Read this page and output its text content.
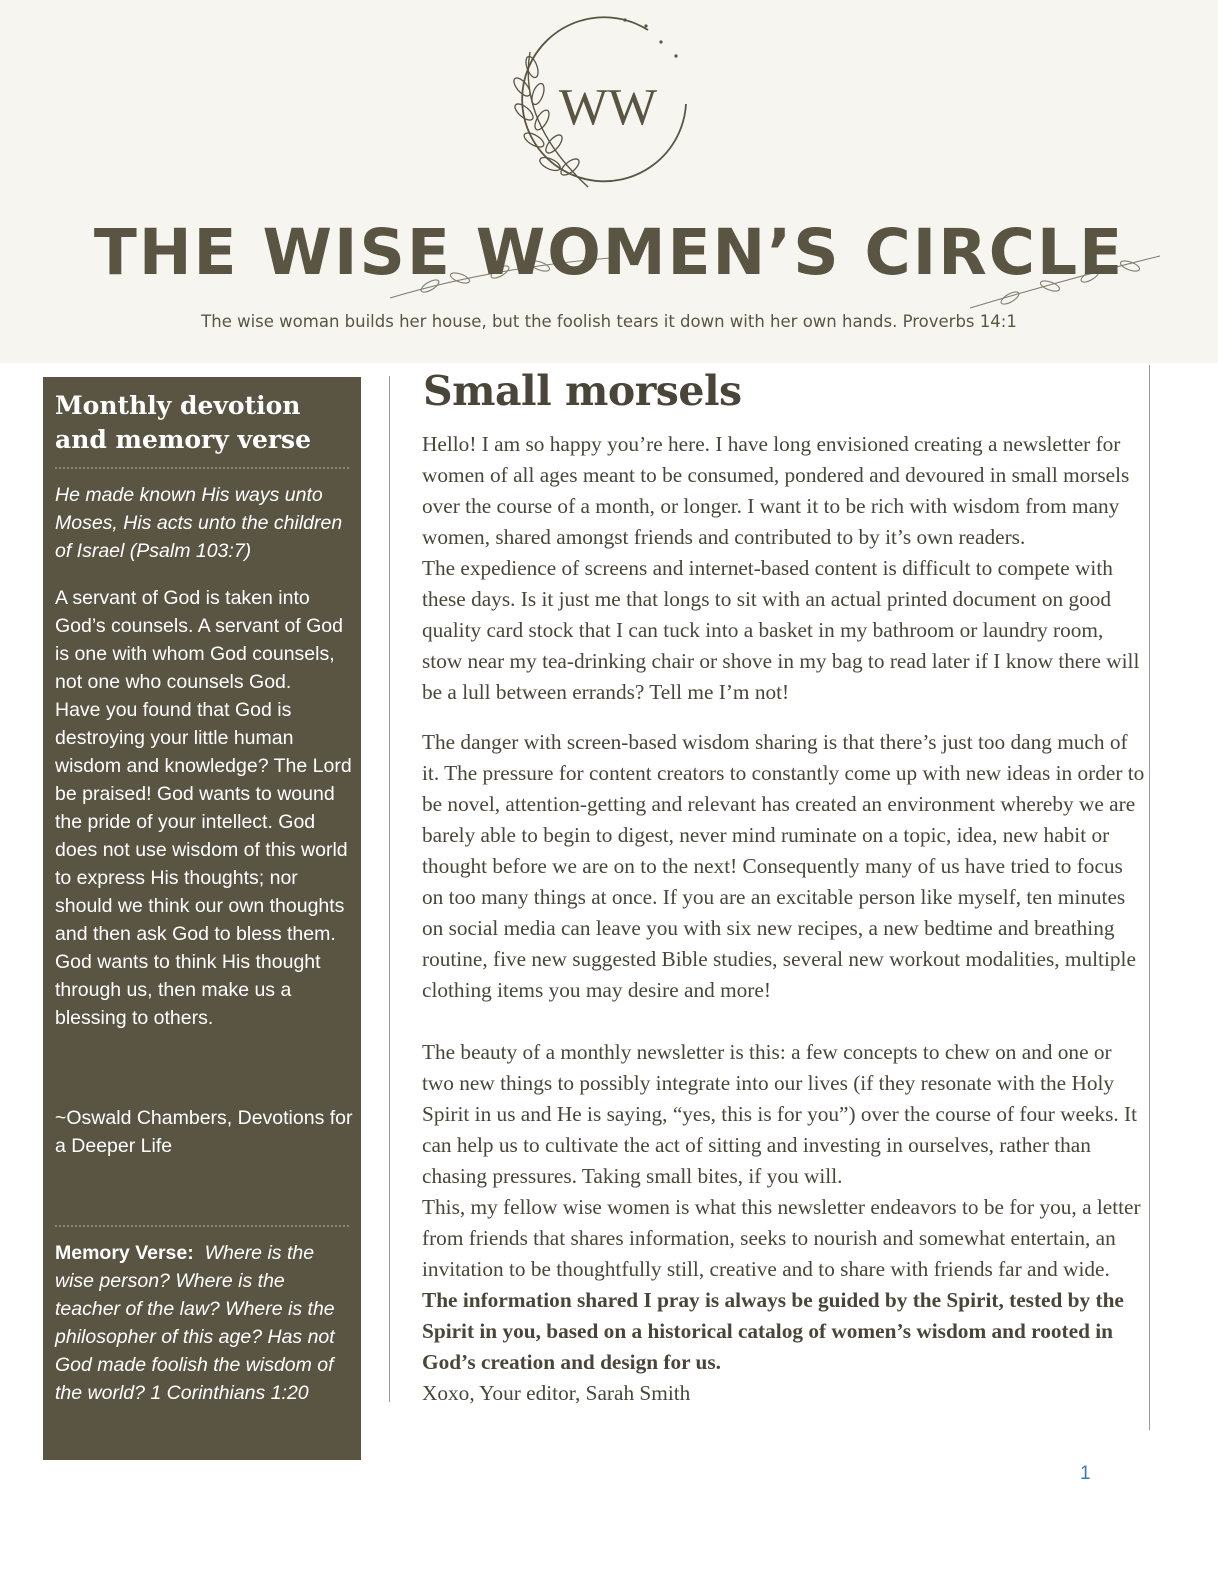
WW
THE WISE WOMEN’S CIRCLE
The wise woman builds her house, but the foolish tears it down with her own hands. Proverbs 14:1
Monthly devotion
and memory verse
He made known His ways unto Moses, His acts unto the children of Israel (Psalm 103:7)

A servant of God is taken into God’s counsels. A servant of God is one with whom God counsels, not one who counsels God.

Have you found that God is destroying your little human wisdom and knowledge? The Lord be praised! God wants to wound the pride of your intellect. God does not use wisdom of this world to express His thoughts; nor should we think our own thoughts and then ask God to bless them. God wants to think His thought through us, then make us a blessing to others.

~Oswald Chambers, Devotions for a Deeper Life
Memory Verse: Where is the wise person? Where is the teacher of the law? Where is the philosopher of this age? Has not God made foolish the wisdom of the world? 1 Corinthians 1:20
Small morsels

Hello! I am so happy you’re here. I have long envisioned creating a newsletter for women of all ages meant to be consumed, pondered and devoured in small morsels over the course of a month, or longer. I want it to be rich with wisdom from many women, shared amongst friends and contributed to by it’s own readers.

The expedience of screens and internet-based content is difficult to compete with these days. Is it just me that longs to sit with an actual printed document on good quality card stock that I can tuck into a basket in my bathroom or laundry room, stow near my tea-drinking chair or shove in my bag to read later if I know there will be a lull between errands? Tell me I’m not!

The danger with screen-based wisdom sharing is that there’s just too dang much of it. The pressure for content creators to constantly come up with new ideas in order to be novel, attention-getting and relevant has created an environment whereby we are barely able to begin to digest, never mind ruminate on a topic, idea, new habit or thought before we are on to the next! Consequently many of us have tried to focus on too many things at once. If you are an excitable person like myself, ten minutes on social media can leave you with six new recipes, a new bedtime and breathing routine, five new suggested Bible studies, several new workout modalities, multiple clothing items you may desire and more!

The beauty of a monthly newsletter is this: a few concepts to chew on and one or two new things to possibly integrate into our lives (if they resonate with the Holy Spirit in us and He is saying, “yes, this is for you”) over the course of four weeks. It can help us to cultivate the act of sitting and investing in ourselves, rather than chasing pressures. Taking small bites, if you will.

This, my fellow wise women is what this newsletter endeavors to be for you, a letter from friends that shares information, seeks to nourish and somewhat entertain, an invitation to be thoughtfully still, creative and to share with friends far and wide. The information shared I pray is always be guided by the Spirit, tested by the Spirit in you, based on a historical catalog of women’s wisdom and rooted in God’s creation and design for us.

Xoxo, Your editor, Sarah Smith

1
